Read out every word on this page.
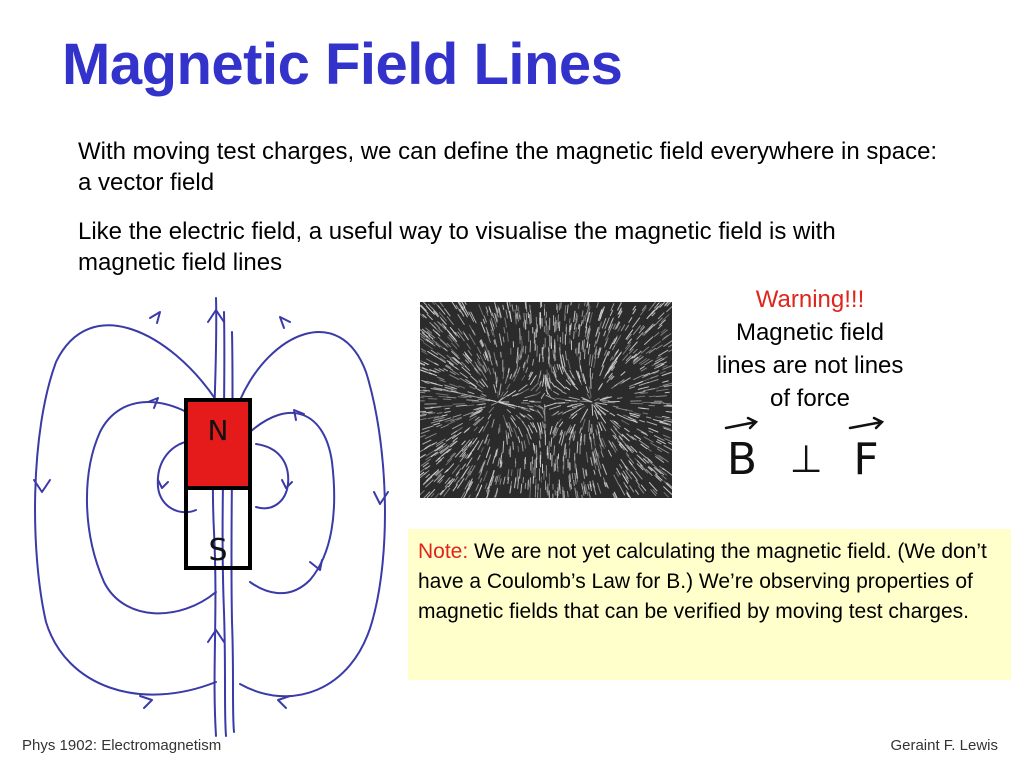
Magnetic Field Lines
With moving test charges, we can define the magnetic field everywhere in space: a vector field
Like the electric field, a useful way to visualise the magnetic field is with magnetic field lines
N
S
Warning!!!
Magnetic field
lines are not lines
of force
B ⊥ F
Note: We are not yet calculating the magnetic field. (We don’t have a Coulomb’s Law for B.) We’re observing properties of magnetic fields that can be verified by moving test charges.
Phys 1902: Electromagnetism	Geraint F. Lewis
